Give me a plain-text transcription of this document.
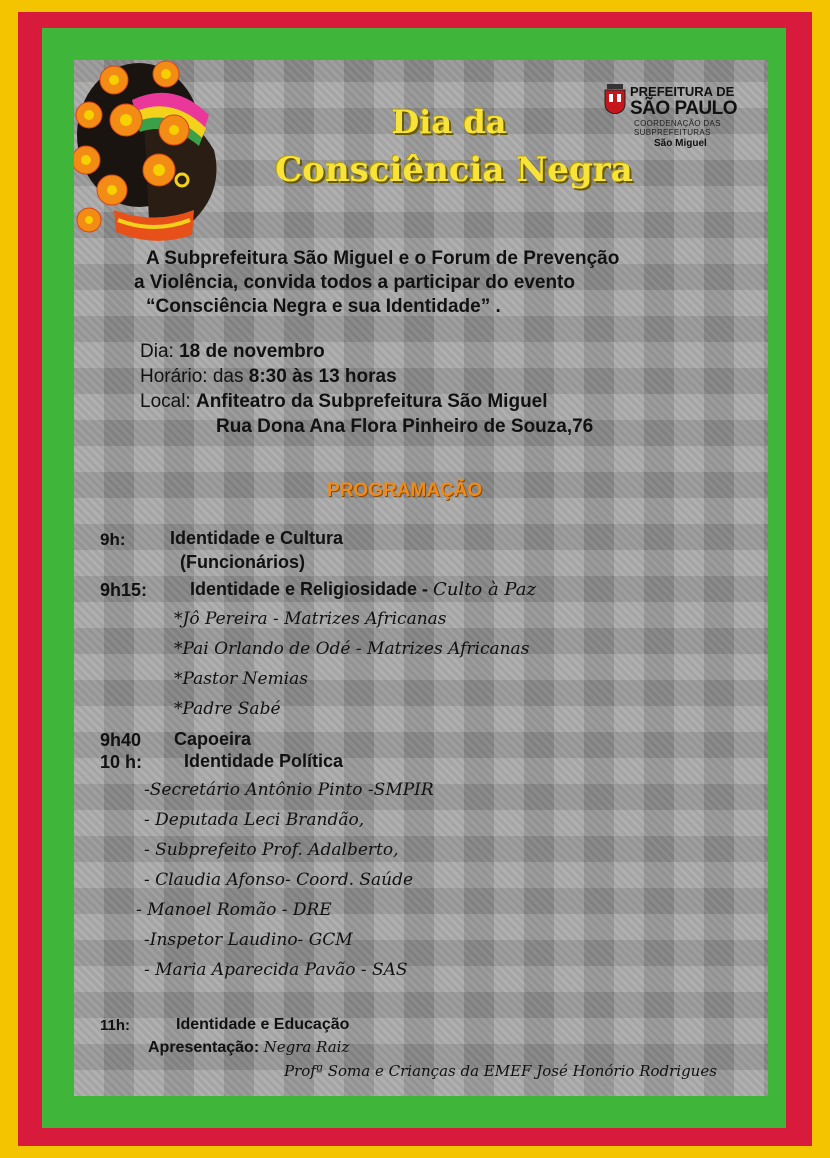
Dia da
Consciência Negra
PREFEITURA DE
SÃO PAULO
COORDENAÇÃO DAS
SUBPREFEITURAS
São Miguel
A Subprefeitura São Miguel e o Forum de Prevenção
a Violência, convida todos a participar do evento
“Consciência Negra e sua Identidade” .
Dia: 18 de novembro
Horário: das 8:30 às 13 horas
Local: Anfiteatro da Subprefeitura São Miguel
Rua Dona Ana Flora Pinheiro de Souza,76
PROGRAMAÇÃO
9h: Identidade e Cultura
(Funcionários)
9h15: Identidade e Religiosidade - Culto à Paz
*Jô Pereira - Matrizes Africanas
*Pai Orlando de Odé - Matrizes Africanas
*Pastor Nemias
*Padre Sabé
9h40 Capoeira
10 h: Identidade Política
-Secretário Antônio Pinto -SMPIR
- Deputada Leci Brandão,
- Subprefeito Prof. Adalberto,
- Claudia Afonso- Coord. Saúde
- Manoel Romão - DRE
-Inspetor Laudino- GCM
- Maria Aparecida Pavão - SAS
11h:	Identidade e Educação
Apresentação: Negra Raiz
Profª Soma e Crianças da EMEF José Honório Rodrigues
